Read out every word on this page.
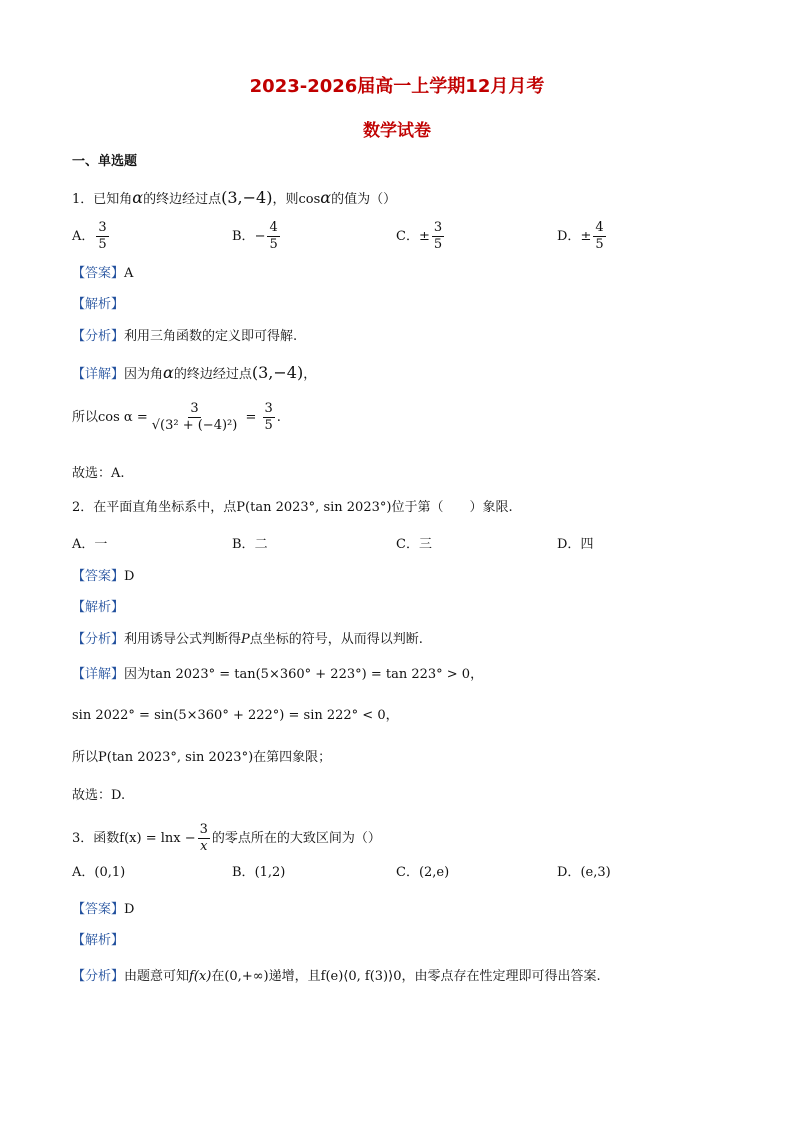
2023-2026届高一上学期12月月考
数学试卷
一、单选题
1．已知角α的终边经过点(3,−4)，则cosα的值为（）
A． $\frac{3}{5}$	B．− $\frac{4}{5}$	C．± $\frac{3}{5}$	D．± $\frac{4}{5}$
【答案】A
【解析】
【分析】利用三角函数的定义即可得解.
【详解】因为角α的终边经过点(3,−4)，
所以$\cos \alpha = \frac{3}{\text{√(3² + (−4)²)}} = \frac{3}{5}$ .
故选：A.
2．在平面直角坐标系中，点P(tan 2023°, sin 2023°)位于第（　　）象限.
A．一	B．二	C．三	D．四
【答案】D
【解析】
【分析】利用诱导公式判断得P点坐标的符号，从而得以判断.
【详解】因为tan 2023° = tan(5×360° + 223°) = tan 223° > 0，
sin 2022° = sin(5×360° + 222°) = sin 222° < 0，
所以P(tan 2023°, sin 2023°)在第四象限；
故选：D.
3．函数$f(x) = \ln x - \frac{3}{x}$ 的零点所在的大致区间为（）
A．(0,1)	B．(1,2)	C．(2,e)	D．(e,3)
【答案】D
【解析】
【分析】由题意可知f(x)在(0,+∞)递增，且f(e)⟨0, f(3)⟩0，由零点存在性定理即可得出答案.
